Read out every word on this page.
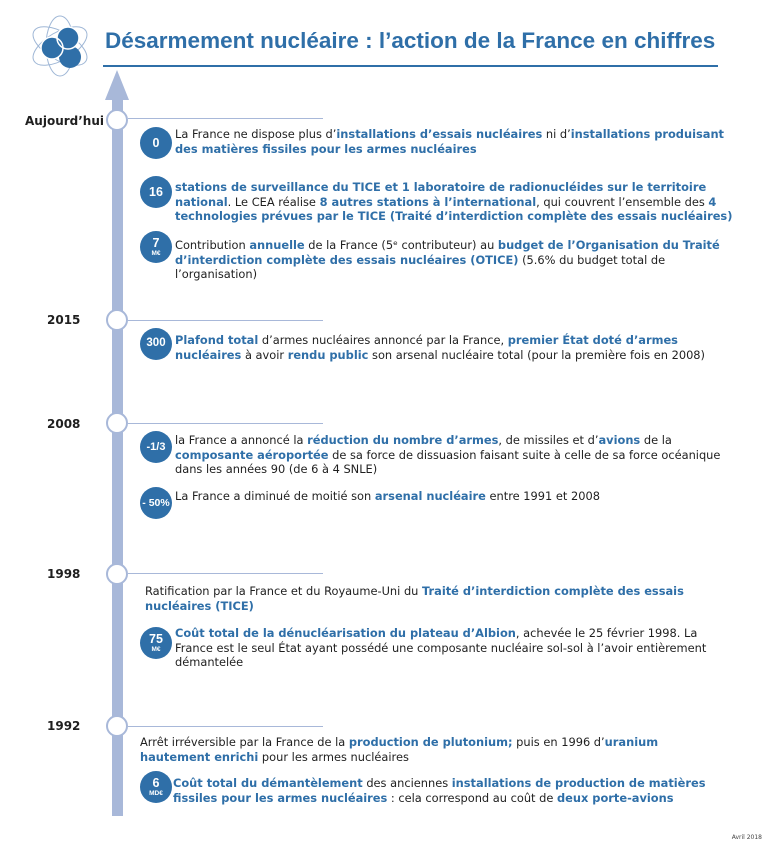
Désarmement nucléaire : l’action de la France en chiffres
Aujourd’hui
2015
2008
1998
1992
0
16
7
M€
300
-1/3
- 50%
75
M€
6
MD€
La France ne dispose plus d’installations d’essais nucléaires ni d’installations produisant des matières fissiles pour les armes nucléaires
stations de surveillance du TICE et 1 laboratoire de radionucléides sur le territoire national. Le CEA réalise 8 autres stations à l’international, qui couvrent l’ensemble des 4 technologies prévues par le TICE (Traité d’interdiction complète des essais nucléaires)
Contribution annuelle de la France (5ᵉ contributeur) au budget de l’Organisation du Traité d’interdiction complète des essais nucléaires (OTICE) (5.6% du budget total de l’organisation)
Plafond total d’armes nucléaires annoncé par la France, premier État doté d’armes nucléaires à avoir rendu public son arsenal nucléaire total (pour la première fois en 2008)
la France a annoncé la réduction du nombre d’armes, de missiles et d’avions de la composante aéroportée de sa force de dissuasion faisant suite à celle de sa force océanique dans les années 90 (de 6 à 4 SNLE)
La France a diminué de moitié son arsenal nucléaire entre 1991 et 2008
Ratification par la France et du Royaume-Uni du Traité d’interdiction complète des essais nucléaires (TICE)
Coût total de la dénucléarisation du plateau d’Albion, achevée le 25 février 1998. La France est le seul État ayant possédé une composante nucléaire sol-sol à l’avoir entièrement démantelée
Arrêt irréversible par la France de la production de plutonium; puis en 1996 d’uranium hautement enrichi pour les armes nucléaires
Coût total du démantèlement des anciennes installations de production de matières fissiles pour les armes nucléaires : cela correspond au coût de deux porte-avions
Avril 2018
